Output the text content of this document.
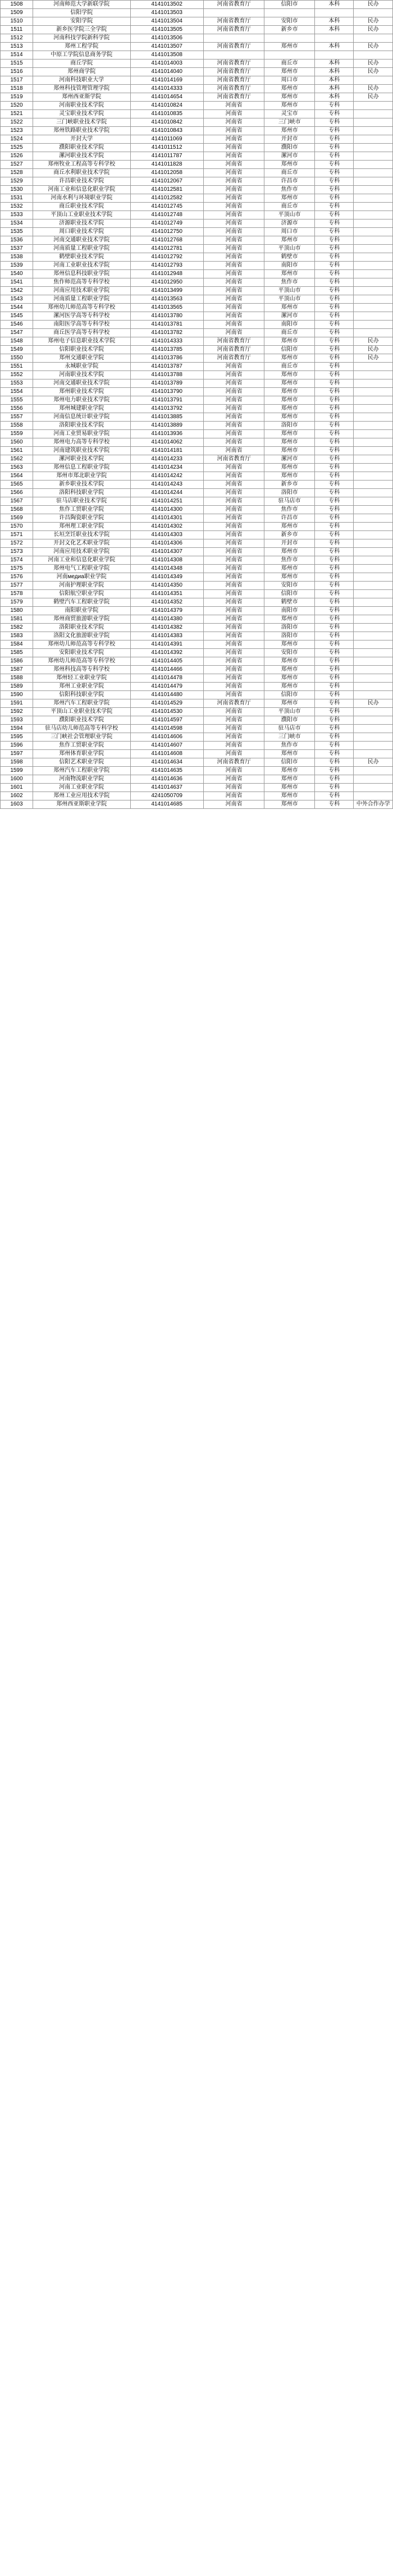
1508	河南师范大学新联学院	4141013502	河南省教育厅	信阳市	本科	民办
1509	信阳学院	4141013503				
1510	安阳学院	4141013504	河南省教育厅	安阳市	本科	民办
1511	新乡医学院三全学院	4141013505	河南省教育厅	新乡市	本科	民办
1512	河南科技学院新科学院	4141013506				
1513	郑州工程学院	4141013507	河南省教育厅	郑州市	本科	民办
1514	中原工学院信息商务学院	4141013508				
1515	商丘学院	4141014003	河南省教育厅	商丘市	本科	民办
1516	郑州商学院	4141014040	河南省教育厅	郑州市	本科	民办
1517	河南科技职业大学	4141014169	河南省教育厅	周口市	本科	
1518	郑州科技管理管理学院	4141014333	河南省教育厅	郑州市	本科	民办
1519	郑州西亚斯学院	4141014654	河南省教育厅	郑州市	本科	民办
1520	河南职业技术学院	4141010824	河南省	郑州市	专科	
1521	灵宝职业技术学院	4141010835	河南省	灵宝市	专科	
1522	三门峡职业技术学院	4141010842	河南省	三门峡市	专科	
1523	郑州铁路职业技术学院	4141010843	河南省	郑州市	专科	
1524	开封大学	4141011069	河南省	开封市	专科	
1525	濮阳职业技术学院	4141011512	河南省	濮阳市	专科	
1526	漯河职业技术学院	4141011787	河南省	漯河市	专科	
1527	郑州牧业工程高等专科学校	4141011828	河南省	郑州市	专科	
1528	商丘水利职业技术学院	4141012058	河南省	商丘市	专科	
1529	许昌职业技术学院	4141012067	河南省	许昌市	专科	
1530	河南工业和信息化职业学院	4141012581	河南省	焦作市	专科	
1531	河南水利与环境职业学院	4141012582	河南省	郑州市	专科	
1532	商丘职业技术学院	4141012745	河南省	商丘市	专科	
1533	平顶山工业职业技术学院	4141012748	河南省	平顶山市	专科	
1534	济源职业技术学院	4141012749	河南省	济源市	专科	
1535	周口职业技术学院	4141012750	河南省	周口市	专科	
1536	河南交通职业技术学院	4141012768	河南省	郑州市	专科	
1537	河南质量工程职业学院	4141012781	河南省	平顶山市	专科	
1538	鹤壁职业技术学院	4141012792	河南省	鹤壁市	专科	
1539	河南工业职业技术学院	4141012793	河南省	南阳市	专科	
1540	郑州信息科技职业学院	4141012948	河南省	郑州市	专科	
1541	焦作师范高等专科学校	4141012950	河南省	焦作市	专科	
1542	河南应用技术职业学院	4141013499	河南省	平顶山市	专科	
1543	河南质量工程职业学院	4141013563	河南省	平顶山市	专科	
1544	郑州幼儿师范高等专科学校	4141013565	河南省	郑州市	专科	
1545	漯河医学高等专科学校	4141013780	河南省	漯河市	专科	
1546	南阳医学高等专科学校	4141013781	河南省	南阳市	专科	
1547	商丘医学高等专科学校	4141013782	河南省	商丘市	专科	
1548	郑州电子信息职业技术学院	4141014333	河南省教育厅	郑州市	专科	民办
1549	信阳职业技术学院	4141013785	河南省教育厅	信阳市	专科	民办
1550	郑州交通职业学院	4141013786	河南省教育厅	郑州市	专科	民办
1551	永城职业学院	4141013787	河南省	商丘市	专科	
1552	河南职业技术学院	4141013788	河南省	郑州市	专科	
1553	河南交通职业技术学院	4141013789	河南省	郑州市	专科	
1554	郑州职业技术学院	4141013790	河南省	郑州市	专科	
1555	郑州电力职业技术学院	4141013791	河南省	郑州市	专科	
1556	郑州城建职业学院	4141013792	河南省	郑州市	专科	
1557	河南信息统计职业学院	4141013885	河南省	郑州市	专科	
1558	洛阳职业技术学院	4141013889	河南省	洛阳市	专科	
1559	河南工业贸易职业学院	4141013936	河南省	郑州市	专科	
1560	郑州电力高等专科学校	4141014062	河南省	郑州市	专科	
1561	河南建筑职业技术学院	4141014181	河南省	郑州市	专科	
1562	漯河职业技术学院	4141014233	河南省教育厅	漯河市	专科	
1563	郑州信息工程职业学院	4141014234	河南省	郑州市	专科	
1564	郑州市郑北职业学院	4141014242	河南省	郑州市	专科	
1565	新乡职业技术学院	4141014243	河南省	新乡市	专科	
1566	洛阳科技职业学院	4141014244	河南省	洛阳市	专科	
1567	驻马店职业技术学院	4141014251	河南省	驻马店市	专科	
1568	焦作工贸职业学院	4141014300	河南省	焦作市	专科	
1569	许昌陶瓷职业学院	4141014301	河南省	许昌市	专科	
1570	郑州理工职业学院	4141014302	河南省	郑州市	专科	
1571	长垣烹饪职业技术学院	4141014303	河南省	新乡市	专科	
1572	开封文化艺术职业学院	4141014306	河南省	开封市	专科	
1573	河南应用技术职业学院	4141014307	河南省	郑州市	专科	
1574	河南工业和信息化职业学院	4141014308	河南省	焦作市	专科	
1575	郑州电气工程职业学院	4141014348	河南省	郑州市	专科	
1576	河南медиа职业学院	4141014349	河南省	郑州市	专科	
1577	河南护理职业学院	4141014350	河南省	安阳市	专科	
1578	信阳航空职业学院	4141014351	河南省	信阳市	专科	
1579	鹤壁汽车工程职业学院	4141014352	河南省	鹤壁市	专科	
1580	南阳职业学院	4141014379	河南省	南阳市	专科	
1581	郑州商贸旅游职业学院	4141014380	河南省	郑州市	专科	
1582	洛阳职业技术学院	4141014382	河南省	洛阳市	专科	
1583	洛阳文化旅游职业学院	4141014383	河南省	洛阳市	专科	
1584	郑州幼儿师范高等专科学校	4141014391	河南省	郑州市	专科	
1585	安阳职业技术学院	4141014392	河南省	安阳市	专科	
1586	郑州幼儿师范高等专科学校	4141014405	河南省	郑州市	专科	
1587	郑州科技高等专科学校	4141014466	河南省	郑州市	专科	
1588	郑州轻工业职业学院	4141014478	河南省	郑州市	专科	
1589	郑州工业职业学院	4141014479	河南省	郑州市	专科	
1590	信阳科技职业学院	4141014480	河南省	信阳市	专科	
1591	郑州汽车工程职业学院	4141014529	河南省教育厅	郑州市	专科	民办
1592	平顶山工业职业技术学院	4141014530	河南省	平顶山市	专科	
1593	濮阳职业技术学院	4141014597	河南省	濮阳市	专科	
1594	驻马店幼儿师范高等专科学校	4141014598	河南省	驻马店市	专科	
1595	三门峡社会管理职业学院	4141014606	河南省	三门峡市	专科	
1596	焦作工贸职业学院	4141014607	河南省	焦作市	专科	
1597	郑州体育职业学院	4141014608	河南省	郑州市	专科	
1598	信阳艺术职业学院	4141014634	河南省教育厅	信阳市	专科	民办
1599	郑州汽车工程职业学院	4141014635	河南省	郑州市	专科	
1600	河南物流职业学院	4141014636	河南省	郑州市	专科	
1601	河南工业职业学院	4141014637	河南省	郑州市	专科	
1602	郑州工业应用技术学院	4241050709	河南省	郑州市	专科	
1603	郑州西亚斯职业学院	4141014685	河南省	郑州市	专科	中外合作办学
